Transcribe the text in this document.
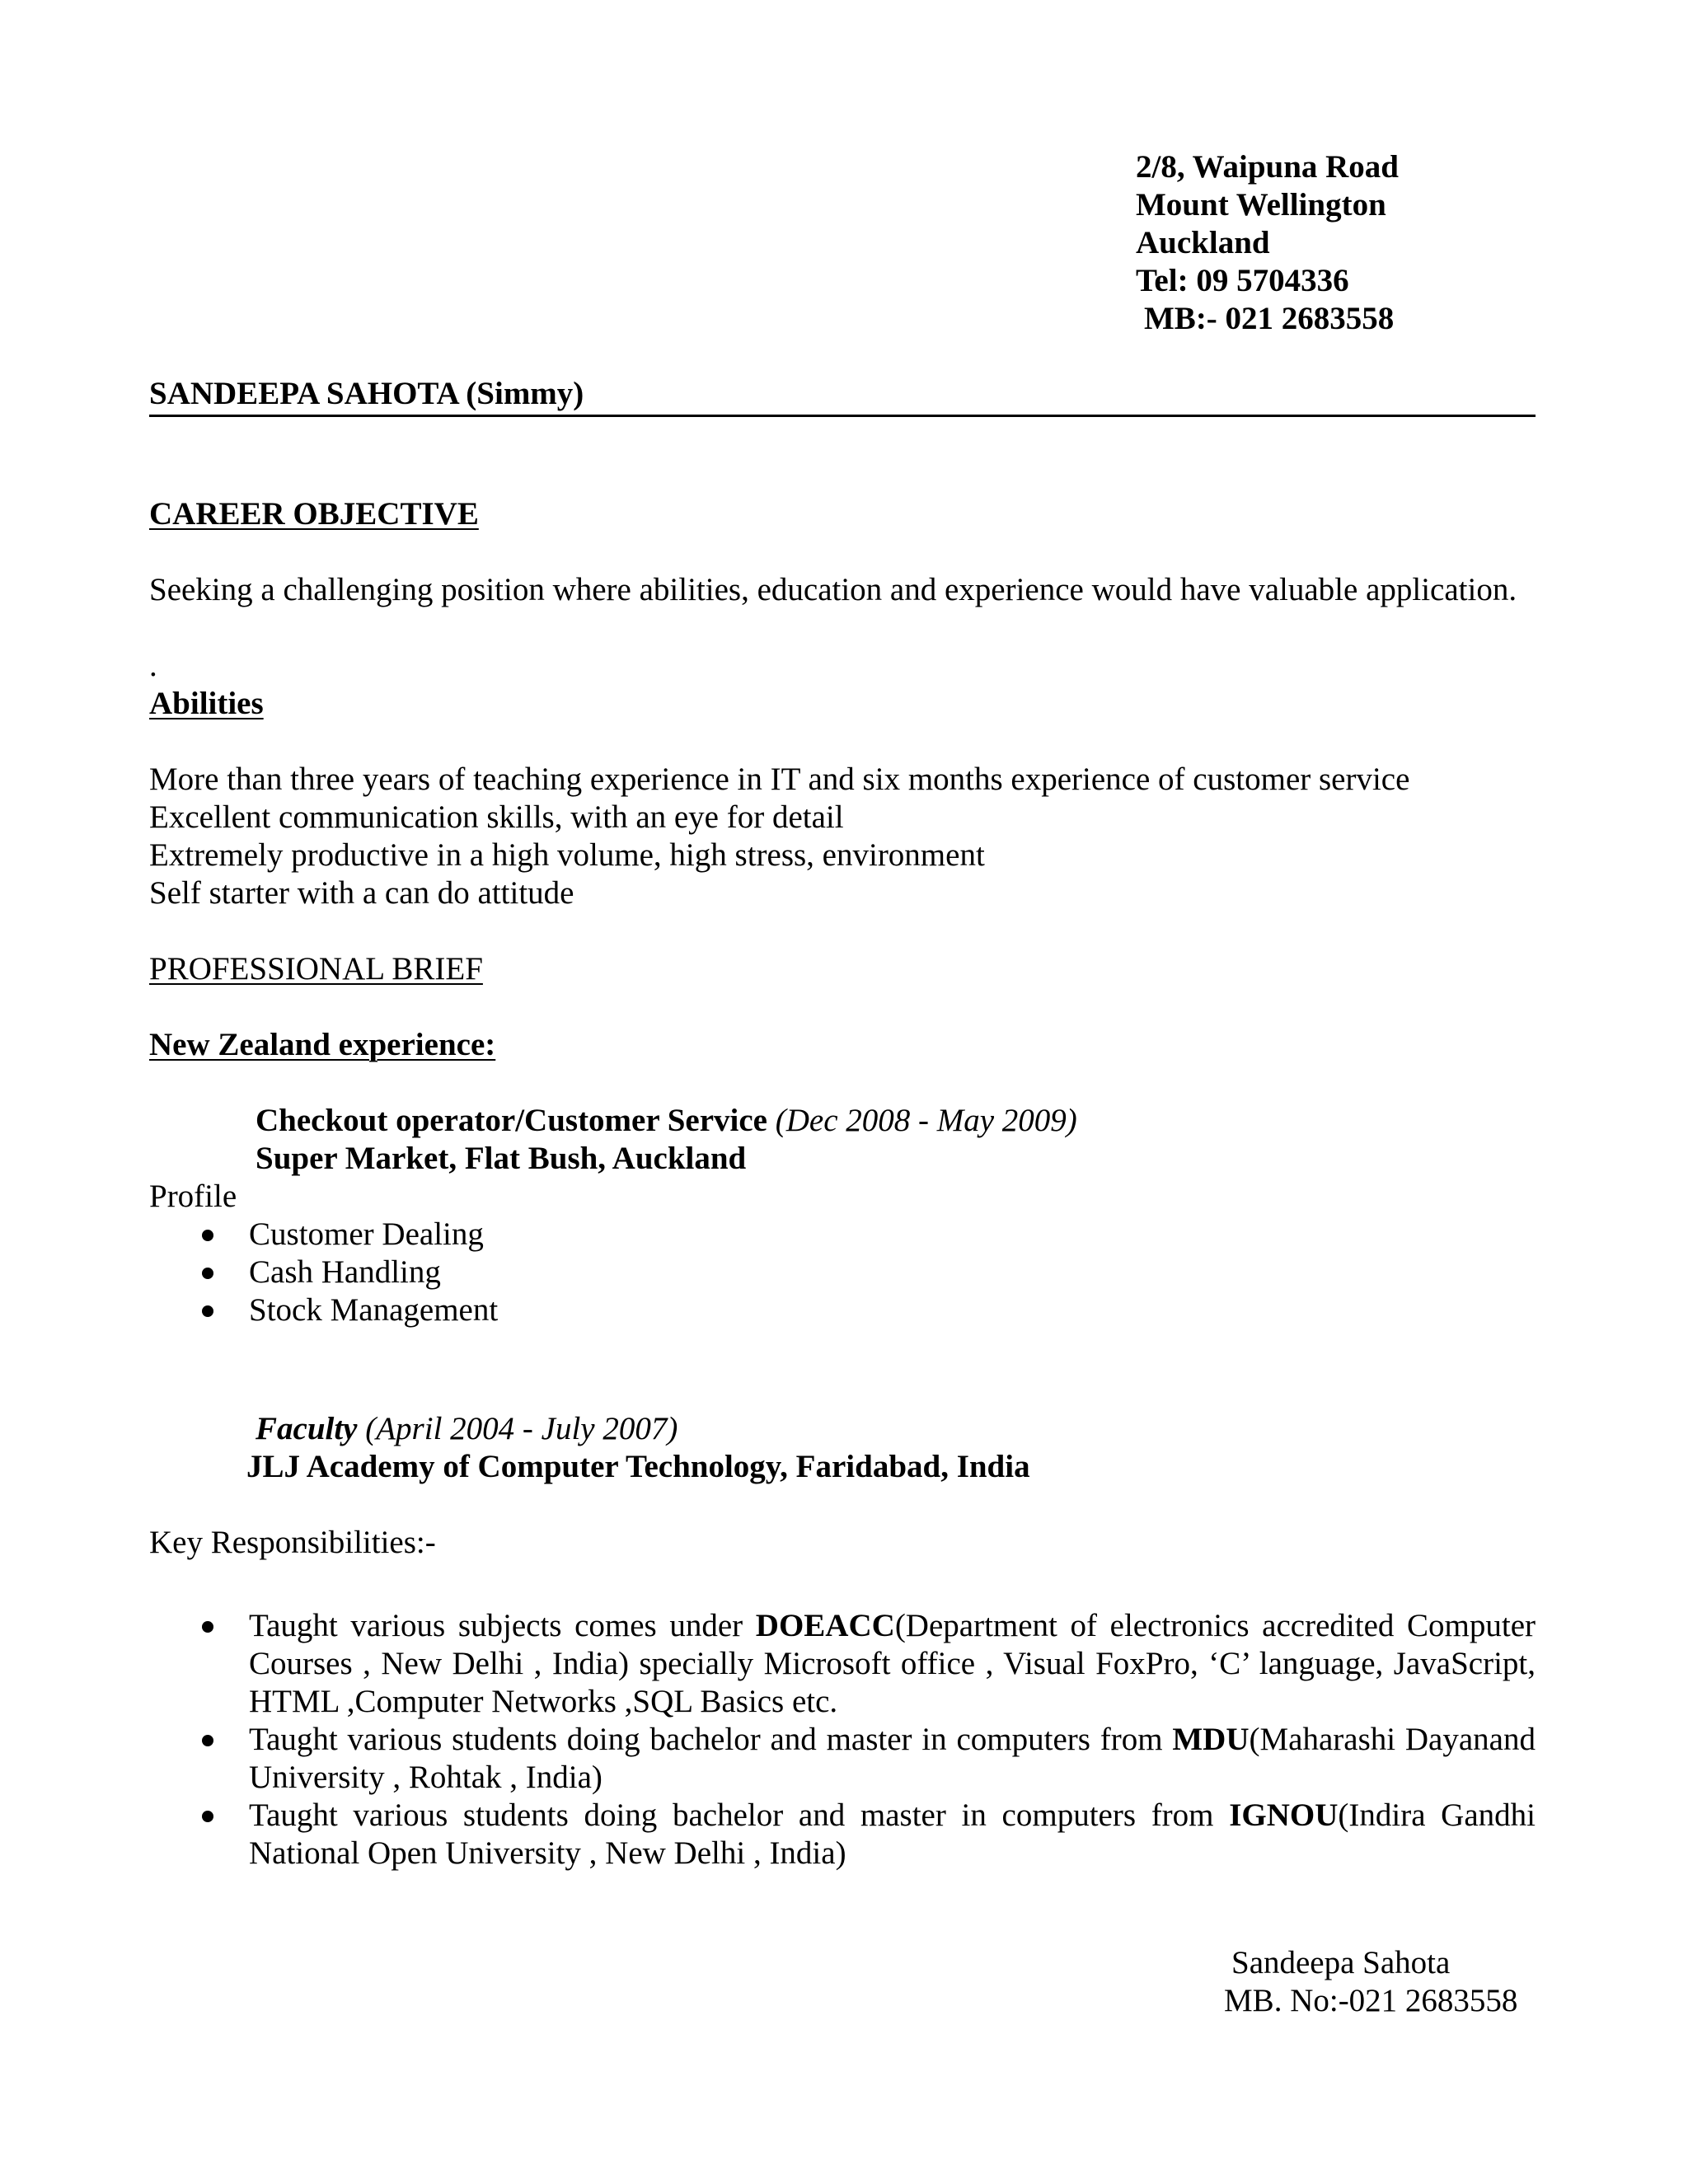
2/8, Waipuna Road
Mount Wellington
Auckland
Tel: 09 5704336
MB:- 021 2683558
SANDEEPA SAHOTA (Simmy)
CAREER OBJECTIVE
Seeking a challenging position where abilities, education and experience would have valuable application.
.
Abilities
More than three years of teaching experience in IT and six months experience of customer service
Excellent communication skills, with an eye for detail
Extremely productive in a high volume, high stress, environment
Self starter with a can do attitude
PROFESSIONAL BRIEF
New Zealand experience:
Checkout operator/Customer Service (Dec 2008 - May 2009)
Super Market, Flat Bush, Auckland
Profile
Customer Dealing
Cash Handling
Stock Management
Faculty (April 2004 - July 2007)
JLJ Academy of Computer Technology, Faridabad, India
Key Responsibilities:-
Taught various subjects comes under DOEACC(Department of electronics accredited Computer Courses , New Delhi , India) specially Microsoft office , Visual FoxPro, ‘C’ language, JavaScript, HTML ,Computer Networks ,SQL Basics etc.
Taught various students doing bachelor and master in computers from MDU(Maharashi Dayanand University , Rohtak , India)
Taught various students doing bachelor and master in computers from IGNOU(Indira Gandhi National Open University , New Delhi , India)
Sandeepa Sahota
MB. No:-021 2683558
